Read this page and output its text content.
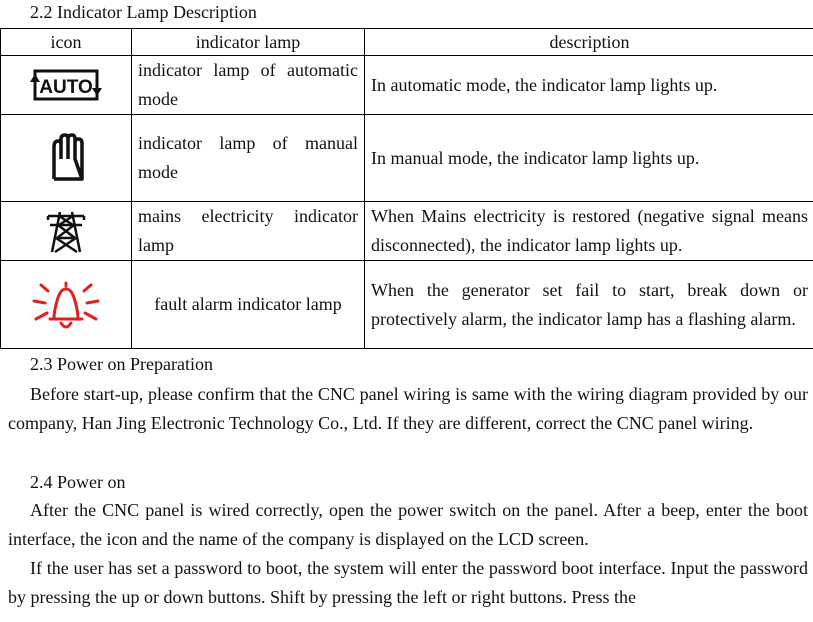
2.2 Indicator Lamp Description
icon	indicator lamp	description

AUTO	indicator lamp of automatic mode	In automatic mode, the indicator lamp lights up.

	indicator lamp of manual mode	In manual mode, the indicator lamp lights up.

	mains electricity indicator lamp	When Mains electricity is restored (negative signal means disconnected), the indicator lamp lights up.

	fault alarm indicator lamp	When the generator set fail to start, break down or protectively alarm, the indicator lamp has a flashing alarm.
2.3 Power on Preparation

Before start-up, please confirm that the CNC panel wiring is same with the wiring diagram provided by our company, Han Jing Electronic Technology Co., Ltd. If they are different, correct the CNC panel wiring.

2.4 Power on

After the CNC panel is wired correctly, open the power switch on the panel. After a beep, enter the boot interface, the icon and the name of the company is displayed on the LCD screen.

If the user has set a password to boot, the system will enter the password boot interface. Input the password by pressing the up or down buttons. Shift by pressing the left or right buttons. Press the
